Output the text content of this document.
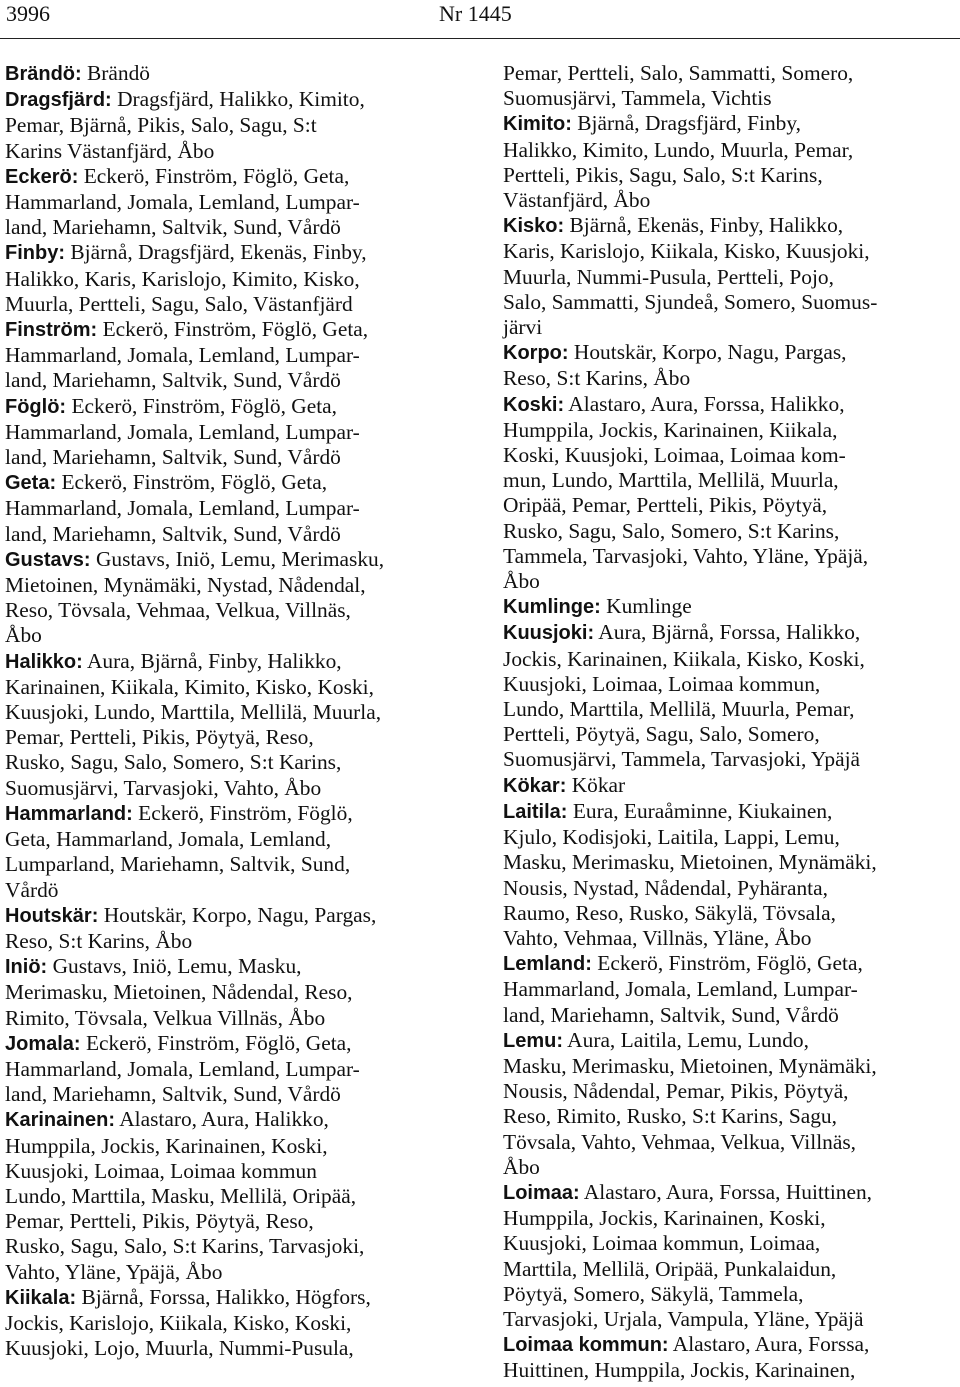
3996	Nr 1445
Brändö: Brändö
Dragsfjärd: Dragsfjärd, Halikko, Kimito,
Pemar, Bjärnå, Pikis, Salo, Sagu, S:t
Karins Västanfjärd, Åbo
Eckerö: Eckerö, Finström, Föglö, Geta,
Hammarland, Jomala, Lemland, Lumpar-
land, Mariehamn, Saltvik, Sund, Vårdö
Finby: Bjärnå, Dragsfjärd, Ekenäs, Finby,
Halikko, Karis, Karislojo, Kimito, Kisko,
Muurla, Pertteli, Sagu, Salo, Västanfjärd
Finström: Eckerö, Finström, Föglö, Geta,
Hammarland, Jomala, Lemland, Lumpar-
land, Mariehamn, Saltvik, Sund, Vårdö
Föglö: Eckerö, Finström, Föglö, Geta,
Hammarland, Jomala, Lemland, Lumpar-
land, Mariehamn, Saltvik, Sund, Vårdö
Geta: Eckerö, Finström, Föglö, Geta,
Hammarland, Jomala, Lemland, Lumpar-
land, Mariehamn, Saltvik, Sund, Vårdö
Gustavs: Gustavs, Iniö, Lemu, Merimasku,
Mietoinen, Mynämäki, Nystad, Nådendal,
Reso, Tövsala, Vehmaa, Velkua, Villnäs,
Åbo
Halikko: Aura, Bjärnå, Finby, Halikko,
Karinainen, Kiikala, Kimito, Kisko, Koski,
Kuusjoki, Lundo, Marttila, Mellilä, Muurla,
Pemar, Pertteli, Pikis, Pöytyä, Reso,
Rusko, Sagu, Salo, Somero, S:t Karins,
Suomusjärvi, Tarvasjoki, Vahto, Åbo
Hammarland: Eckerö, Finström, Föglö,
Geta, Hammarland, Jomala, Lemland,
Lumparland, Mariehamn, Saltvik, Sund,
Vårdö
Houtskär: Houtskär, Korpo, Nagu, Pargas,
Reso, S:t Karins, Åbo
Iniö: Gustavs, Iniö, Lemu, Masku,
Merimasku, Mietoinen, Nådendal, Reso,
Rimito, Tövsala, Velkua Villnäs, Åbo
Jomala: Eckerö, Finström, Föglö, Geta,
Hammarland, Jomala, Lemland, Lumpar-
land, Mariehamn, Saltvik, Sund, Vårdö
Karinainen: Alastaro, Aura, Halikko,
Humppila, Jockis, Karinainen, Koski,
Kuusjoki, Loimaa, Loimaa kommun
Lundo, Marttila, Masku, Mellilä, Oripää,
Pemar, Pertteli, Pikis, Pöytyä, Reso,
Rusko, Sagu, Salo, S:t Karins, Tarvasjoki,
Vahto, Yläne, Ypäjä, Åbo
Kiikala: Bjärnå, Forssa, Halikko, Högfors,
Jockis, Karislojo, Kiikala, Kisko, Koski,
Kuusjoki, Lojo, Muurla, Nummi-Pusula,
Pemar, Pertteli, Salo, Sammatti, Somero,
Suomusjärvi, Tammela, Vichtis
Kimito: Bjärnå, Dragsfjärd, Finby,
Halikko, Kimito, Lundo, Muurla, Pemar,
Pertteli, Pikis, Sagu, Salo, S:t Karins,
Västanfjärd, Åbo
Kisko: Bjärnå, Ekenäs, Finby, Halikko,
Karis, Karislojo, Kiikala, Kisko, Kuusjoki,
Muurla, Nummi-Pusula, Pertteli, Pojo,
Salo, Sammatti, Sjundeå, Somero, Suomus-
järvi
Korpo: Houtskär, Korpo, Nagu, Pargas,
Reso, S:t Karins, Åbo
Koski: Alastaro, Aura, Forssa, Halikko,
Humppila, Jockis, Karinainen, Kiikala,
Koski, Kuusjoki, Loimaa, Loimaa kom-
mun, Lundo, Marttila, Mellilä, Muurla,
Oripää, Pemar, Pertteli, Pikis, Pöytyä,
Rusko, Sagu, Salo, Somero, S:t Karins,
Tammela, Tarvasjoki, Vahto, Yläne, Ypäjä,
Åbo
Kumlinge: Kumlinge
Kuusjoki: Aura, Bjärnå, Forssa, Halikko,
Jockis, Karinainen, Kiikala, Kisko, Koski,
Kuusjoki, Loimaa, Loimaa kommun,
Lundo, Marttila, Mellilä, Muurla, Pemar,
Pertteli, Pöytyä, Sagu, Salo, Somero,
Suomusjärvi, Tammela, Tarvasjoki, Ypäjä
Kökar: Kökar
Laitila: Eura, Euraåminne, Kiukainen,
Kjulo, Kodisjoki, Laitila, Lappi, Lemu,
Masku, Merimasku, Mietoinen, Mynämäki,
Nousis, Nystad, Nådendal, Pyhäranta,
Raumo, Reso, Rusko, Säkylä, Tövsala,
Vahto, Vehmaa, Villnäs, Yläne, Åbo
Lemland: Eckerö, Finström, Föglö, Geta,
Hammarland, Jomala, Lemland, Lumpar-
land, Mariehamn, Saltvik, Sund, Vårdö
Lemu: Aura, Laitila, Lemu, Lundo,
Masku, Merimasku, Mietoinen, Mynämäki,
Nousis, Nådendal, Pemar, Pikis, Pöytyä,
Reso, Rimito, Rusko, S:t Karins, Sagu,
Tövsala, Vahto, Vehmaa, Velkua, Villnäs,
Åbo
Loimaa: Alastaro, Aura, Forssa, Huittinen,
Humppila, Jockis, Karinainen, Koski,
Kuusjoki, Loimaa kommun, Loimaa,
Marttila, Mellilä, Oripää, Punkalaidun,
Pöytyä, Somero, Säkylä, Tammela,
Tarvasjoki, Urjala, Vampula, Yläne, Ypäjä
Loimaa kommun: Alastaro, Aura, Forssa,
Huittinen, Humppila, Jockis, Karinainen,
